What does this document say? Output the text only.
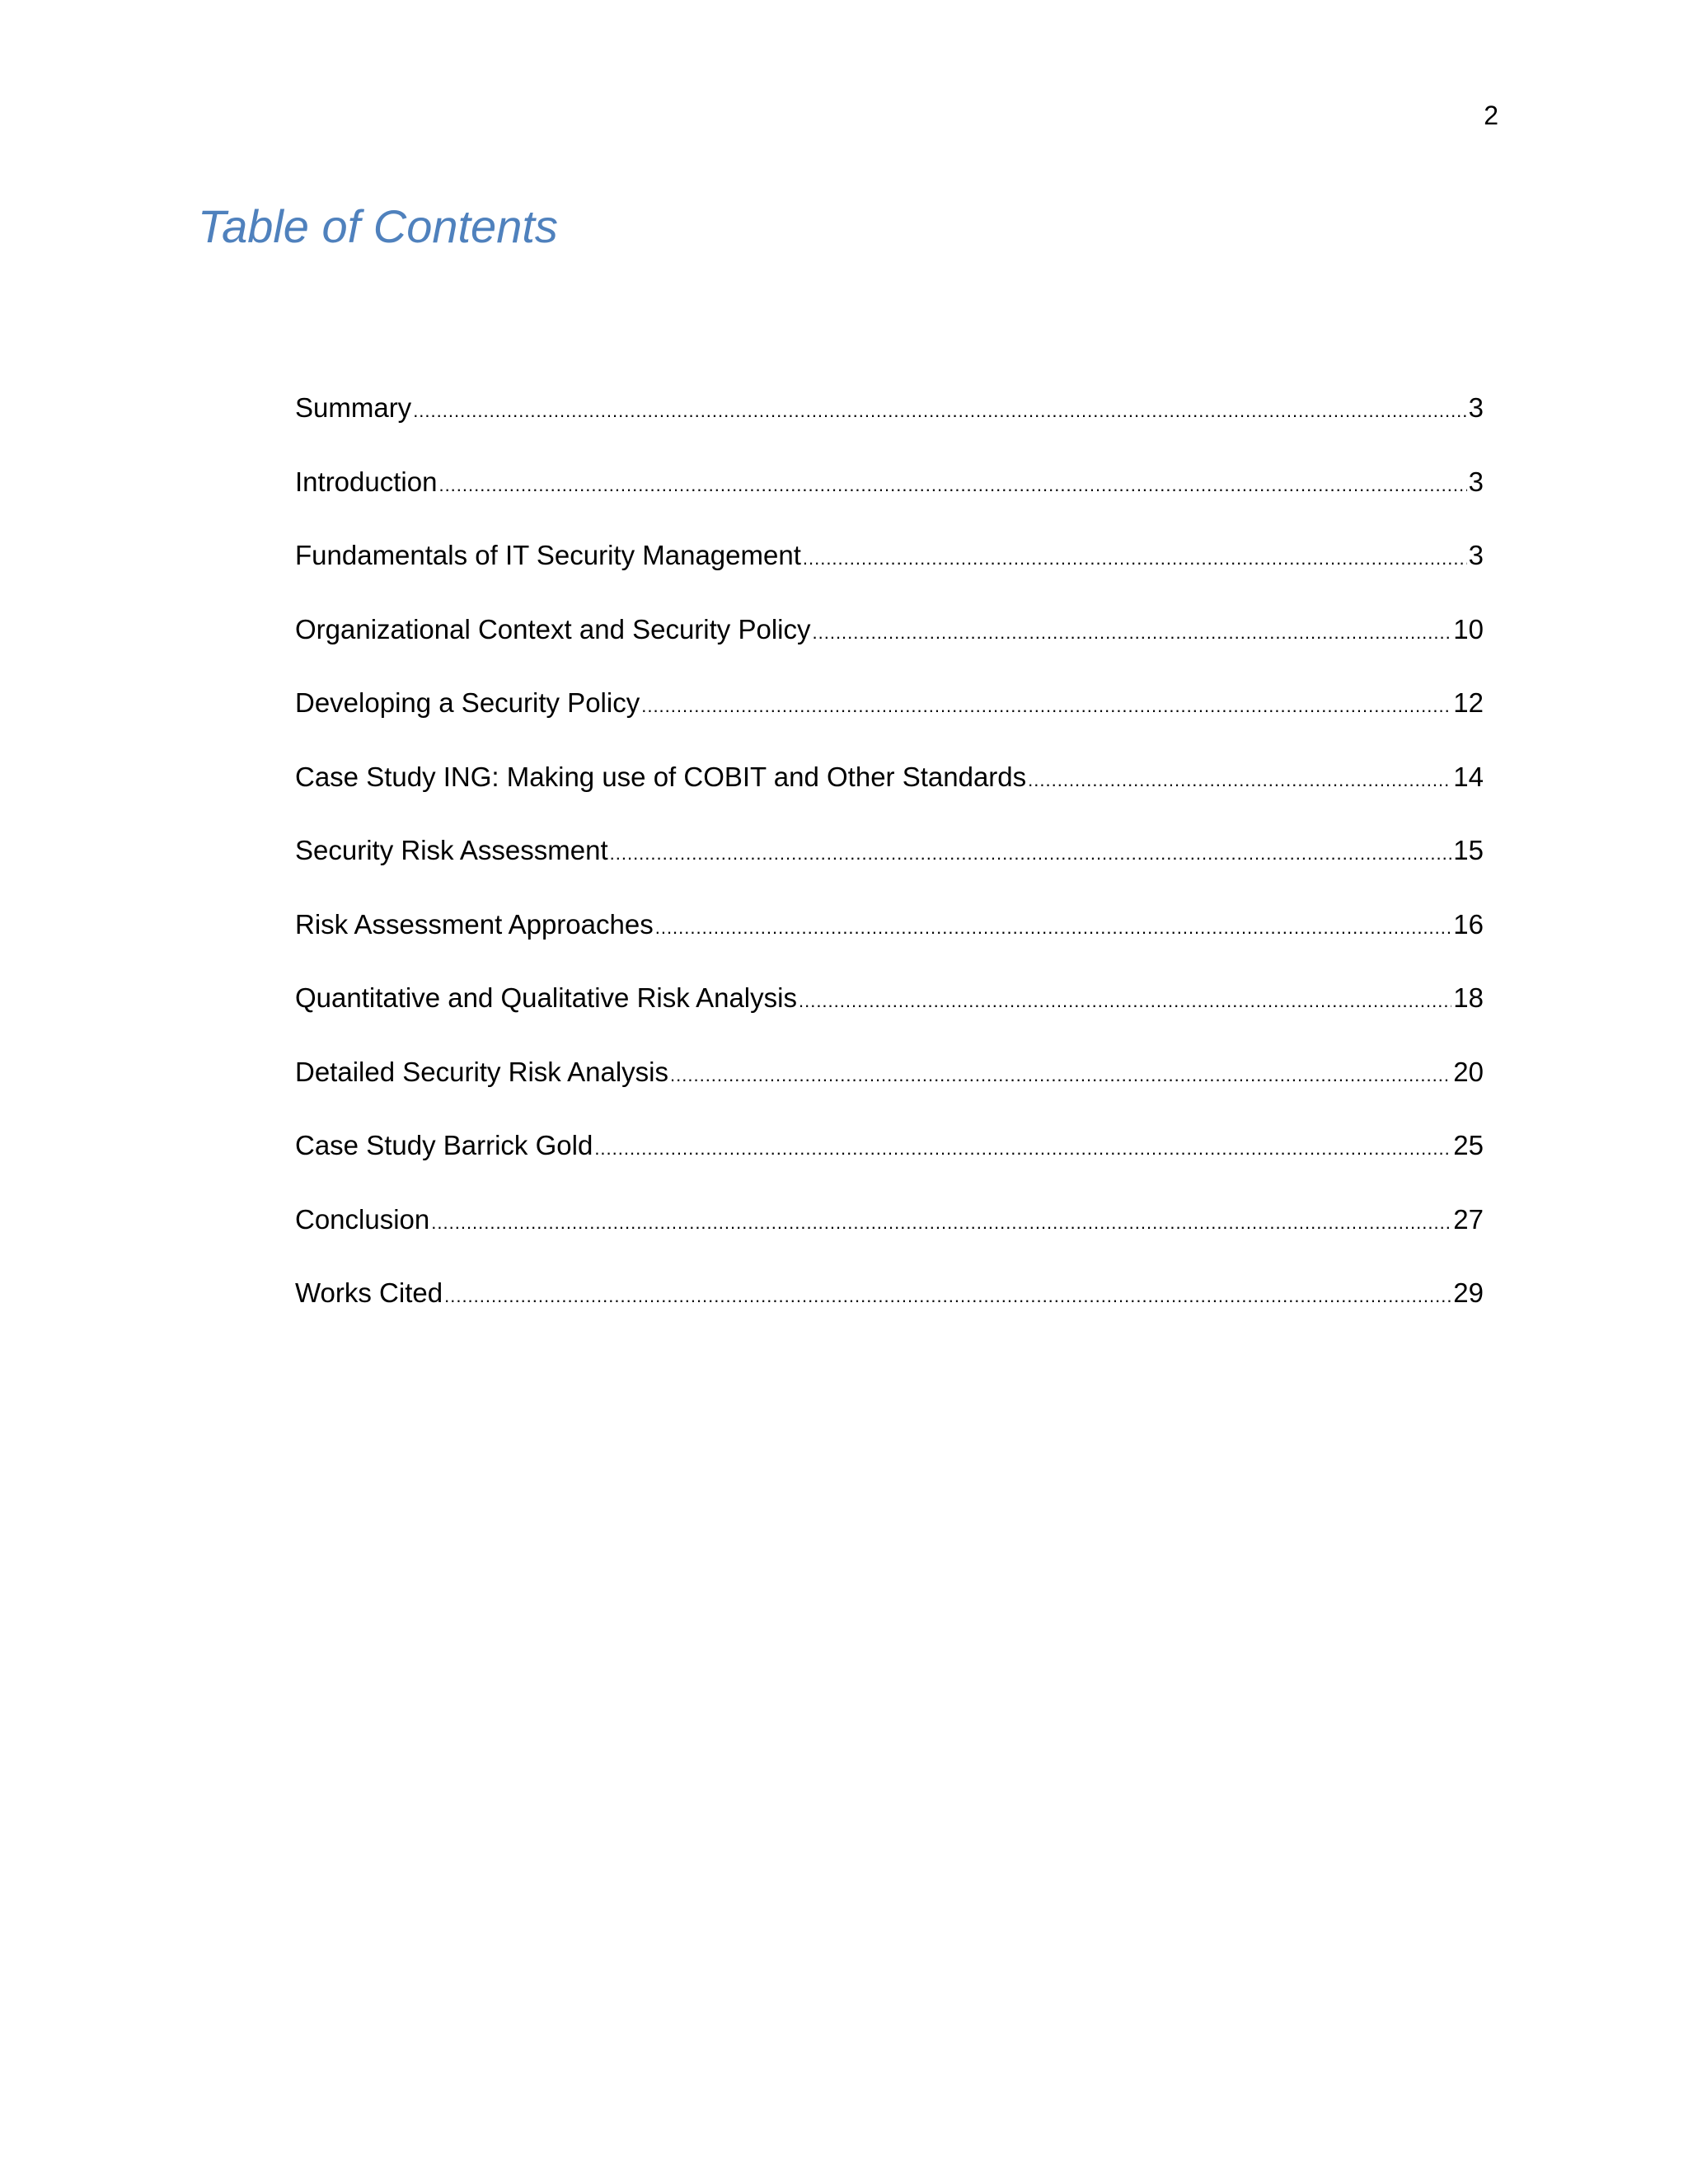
2
Table of Contents
Summary .....	3
Introduction .....	3
Fundamentals of IT Security Management .....	3
Organizational Context and Security Policy .....	10
Developing a Security Policy .....	12
Case Study ING: Making use of COBIT and Other Standards .....	14
Security Risk Assessment .....	15
Risk Assessment Approaches .....	16
Quantitative and Qualitative Risk Analysis .....	18
Detailed Security Risk Analysis .....	20
Case Study Barrick Gold .....	25
Conclusion .....	27
Works Cited .....	29
